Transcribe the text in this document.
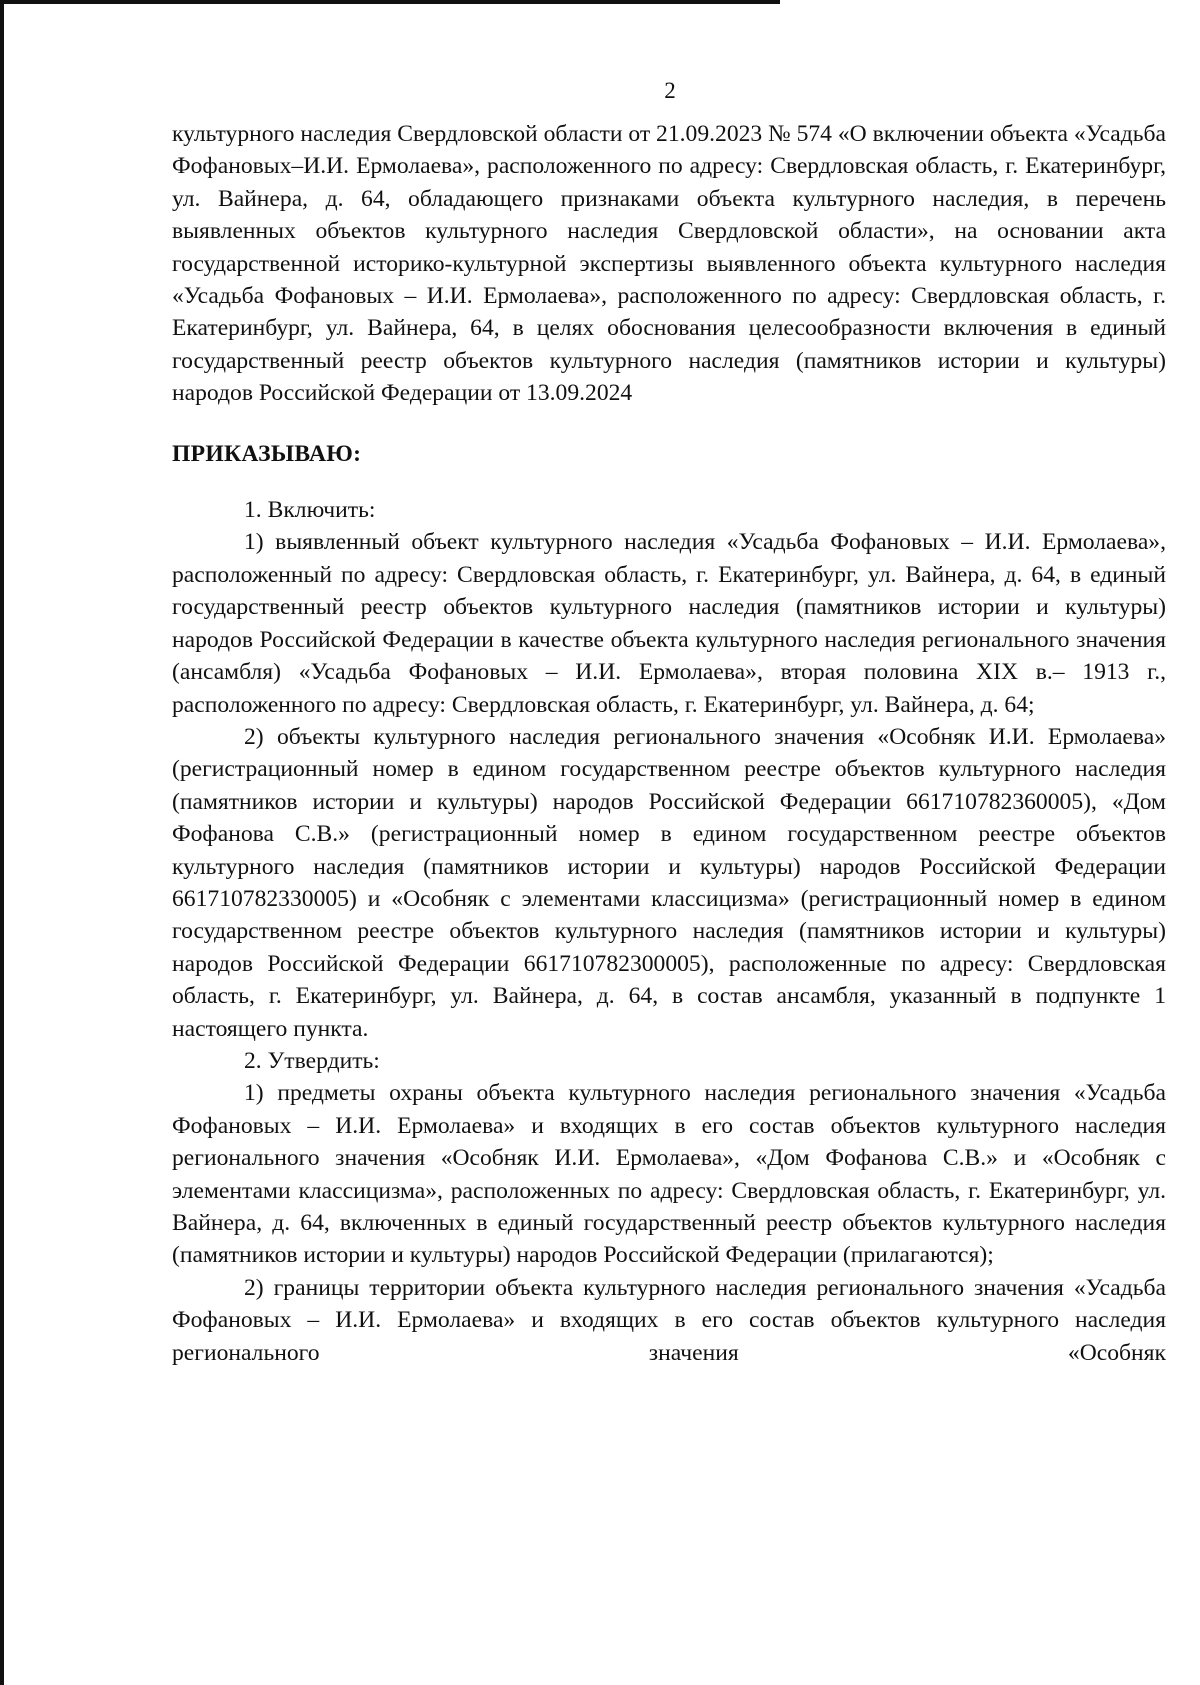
2

культурного наследия Свердловской области от 21.09.2023 № 574 «О включении объекта «Усадьба Фофановых–И.И. Ермолаева», расположенного по адресу: Свердловская область, г. Екатеринбург, ул. Вайнера, д. 64, обладающего признаками объекта культурного наследия, в перечень выявленных объектов культурного наследия Свердловской области», на основании акта государственной историко-культурной экспертизы выявленного объекта культурного наследия «Усадьба Фофановых – И.И. Ермолаева», расположенного по адресу: Свердловская область, г. Екатеринбург, ул. Вайнера, 64, в целях обоснования целесообразности включения в единый государственный реестр объектов культурного наследия (памятников истории и культуры) народов Российской Федерации от 13.09.2024

ПРИКАЗЫВАЮ:

1. Включить:

1) выявленный объект культурного наследия «Усадьба Фофановых – И.И. Ермолаева», расположенный по адресу: Свердловская область, г. Екатеринбург, ул. Вайнера, д. 64, в единый государственный реестр объектов культурного наследия (памятников истории и культуры) народов Российской Федерации в качестве объекта культурного наследия регионального значения (ансамбля) «Усадьба Фофановых – И.И. Ермолаева», вторая половина XIX в.– 1913 г., расположенного по адресу: Свердловская область, г. Екатеринбург, ул. Вайнера, д. 64;

2) объекты культурного наследия регионального значения «Особняк И.И. Ермолаева» (регистрационный номер в едином государственном реестре объектов культурного наследия (памятников истории и культуры) народов Российской Федерации 661710782360005), «Дом Фофанова С.В.» (регистрационный номер в едином государственном реестре объектов культурного наследия (памятников истории и культуры) народов Российской Федерации 661710782330005) и «Особняк с элементами классицизма» (регистрационный номер в едином государственном реестре объектов культурного наследия (памятников истории и культуры) народов Российской Федерации 661710782300005), расположенные по адресу: Свердловская область, г. Екатеринбург, ул. Вайнера, д. 64, в состав ансамбля, указанный в подпункте 1 настоящего пункта.

2. Утвердить:

1) предметы охраны объекта культурного наследия регионального значения «Усадьба Фофановых – И.И. Ермолаева» и входящих в его состав объектов культурного наследия регионального значения «Особняк И.И. Ермолаева», «Дом Фофанова С.В.» и «Особняк с элементами классицизма», расположенных по адресу: Свердловская область, г. Екатеринбург, ул. Вайнера, д. 64, включенных в единый государственный реестр объектов культурного наследия (памятников истории и культуры) народов Российской Федерации (прилагаются);

2) границы территории объекта культурного наследия регионального значения «Усадьба Фофановых – И.И. Ермолаева» и входящих в его состав объектов культурного наследия регионального значения «Особняк
